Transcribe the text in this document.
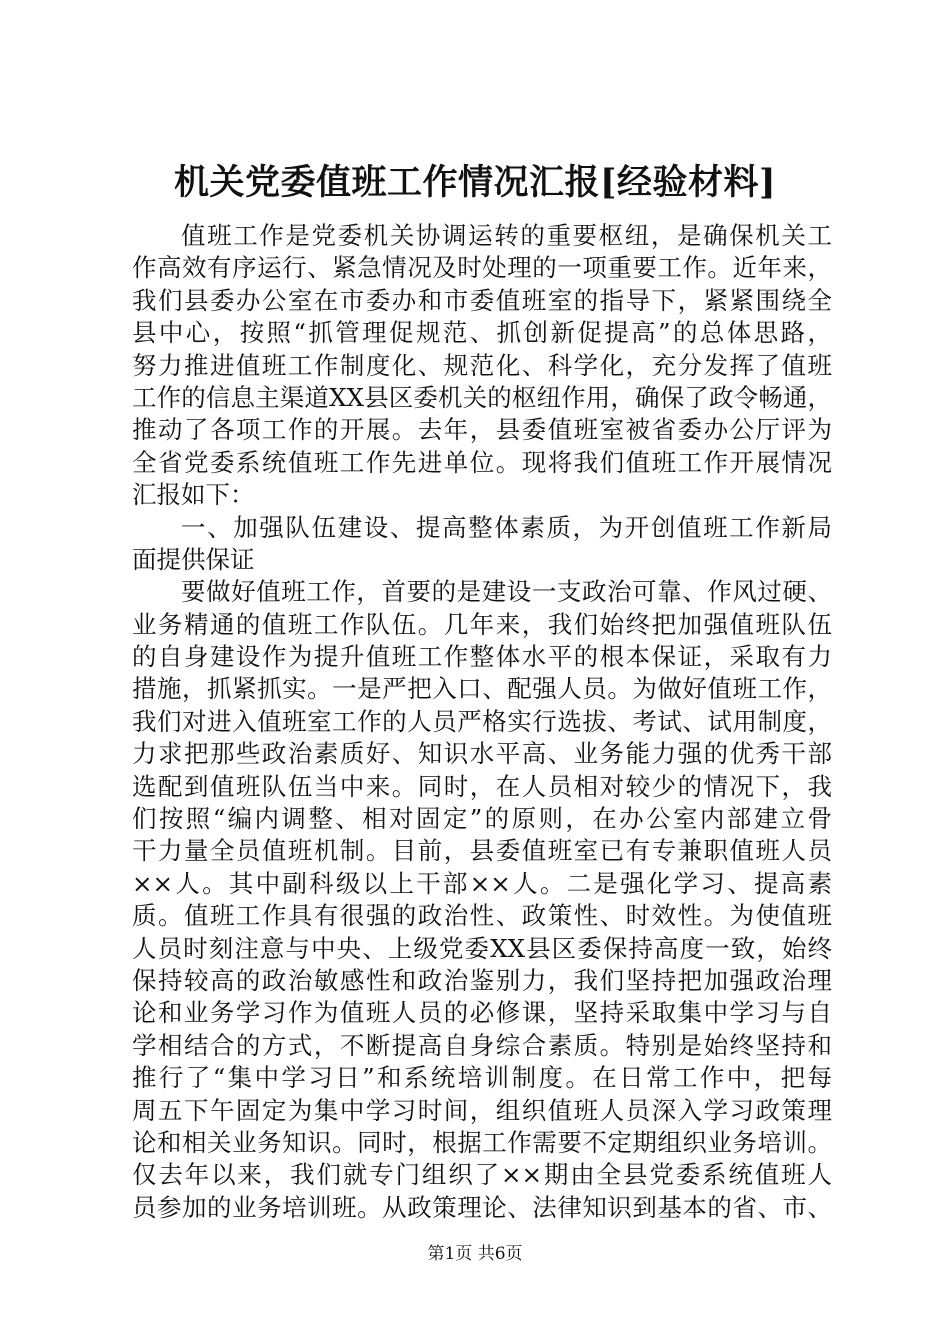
机关党委值班工作情况汇报[经验材料]
值班工作是党委机关协调运转的重要枢纽，是确保机关工
作高效有序运行、紧急情况及时处理的一项重要工作。近年来，
我们县委办公室在市委办和市委值班室的指导下，紧紧围绕全
县中心，按照“抓管理促规范、抓创新促提高”的总体思路，
努力推进值班工作制度化、规范化、科学化，充分发挥了值班
工作的信息主渠道XX县区委机关的枢纽作用，确保了政令畅通，
推动了各项工作的开展。去年，县委值班室被省委办公厅评为
全省党委系统值班工作先进单位。现将我们值班工作开展情况
汇报如下：
一、加强队伍建设、提高整体素质，为开创值班工作新局
面提供保证
要做好值班工作，首要的是建设一支政治可靠、作风过硬、
业务精通的值班工作队伍。几年来，我们始终把加强值班队伍
的自身建设作为提升值班工作整体水平的根本保证，采取有力
措施，抓紧抓实。一是严把入口、配强人员。为做好值班工作，
我们对进入值班室工作的人员严格实行选拔、考试、试用制度，
力求把那些政治素质好、知识水平高、业务能力强的优秀干部
选配到值班队伍当中来。同时，在人员相对较少的情况下，我
们按照“编内调整、相对固定”的原则，在办公室内部建立骨
干力量全员值班机制。目前，县委值班室已有专兼职值班人员
××人。其中副科级以上干部××人。二是强化学习、提高素
质。值班工作具有很强的政治性、政策性、时效性。为使值班
人员时刻注意与中央、上级党委XX县区委保持高度一致，始终
保持较高的政治敏感性和政治鉴别力，我们坚持把加强政治理
论和业务学习作为值班人员的必修课，坚持采取集中学习与自
学相结合的方式，不断提高自身综合素质。特别是始终坚持和
推行了“集中学习日”和系统培训制度。在日常工作中，把每
周五下午固定为集中学习时间，组织值班人员深入学习政策理
论和相关业务知识。同时，根据工作需要不定期组织业务培训。
仅去年以来，我们就专门组织了××期由全县党委系统值班人
员参加的业务培训班。从政策理论、法律知识到基本的省、市、
第1页 共6页
